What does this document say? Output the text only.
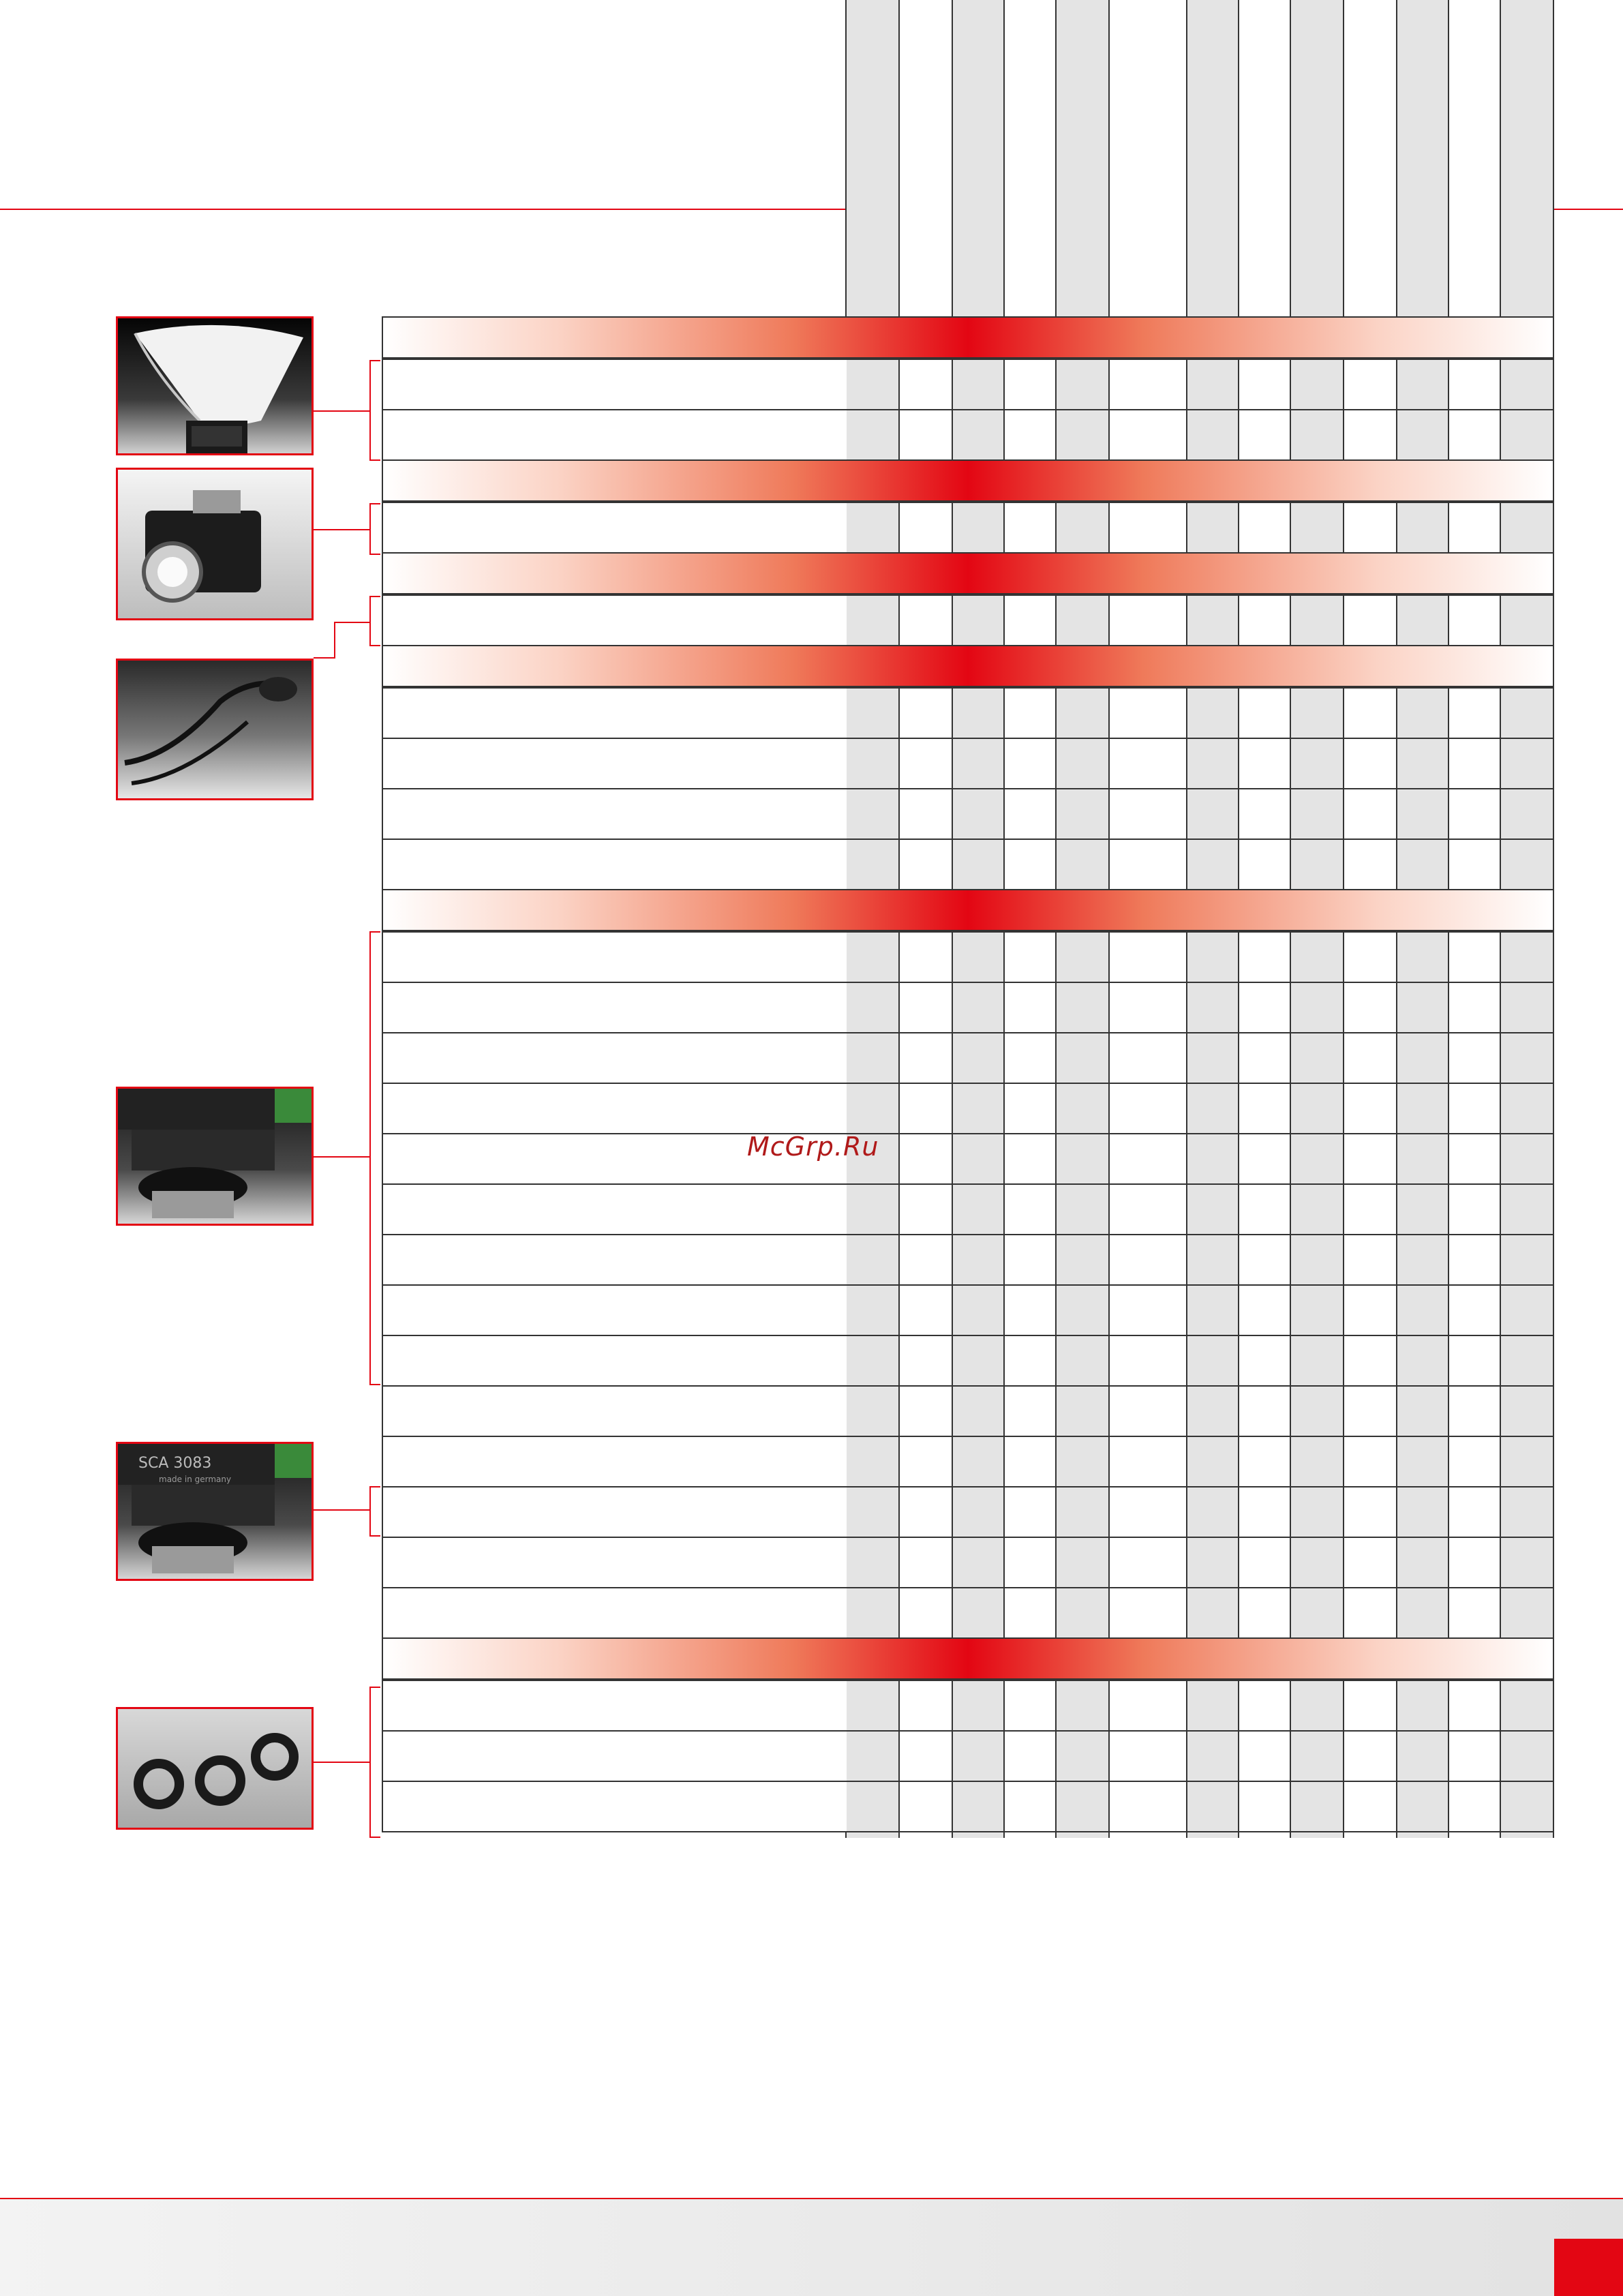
SCA 3083
made in germany
McGrp.Ru
